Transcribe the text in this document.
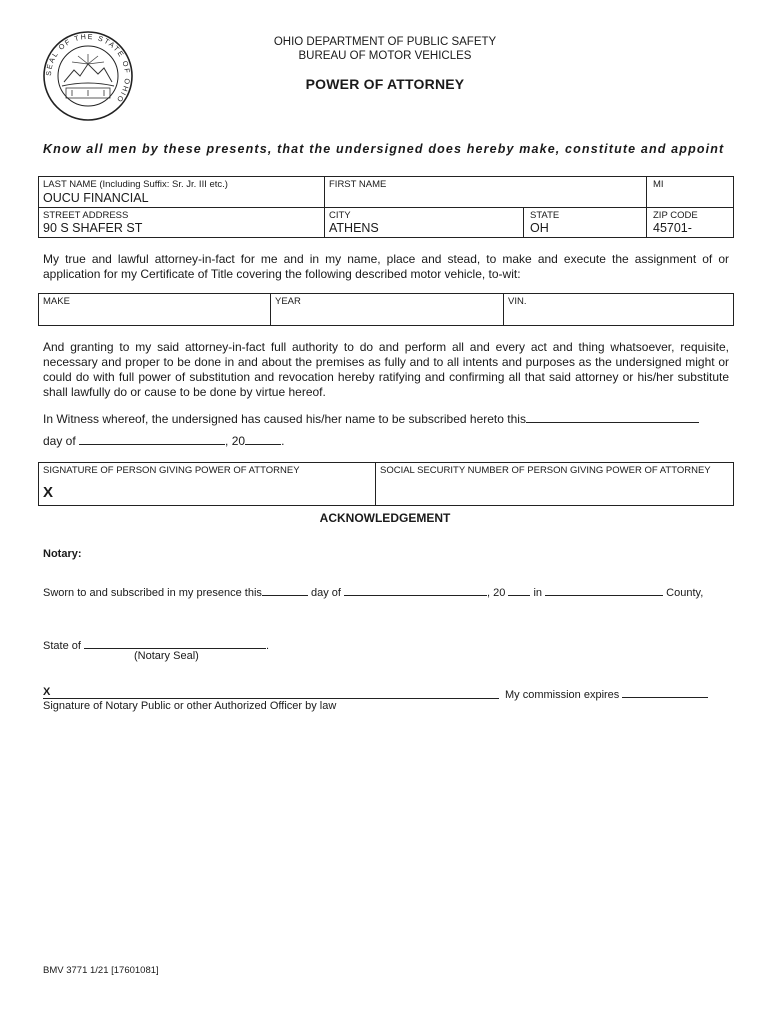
SEAL OF THE STATE OF OHIO
OHIO DEPARTMENT OF PUBLIC SAFETY
BUREAU OF MOTOR VEHICLES
POWER OF ATTORNEY
Know all men by these presents, that the undersigned does hereby make, constitute and appoint
LAST NAME (Including Suffix: Sr. Jr. III etc.)
OUCU FINANCIAL
FIRST NAME	MI
STREET ADDRESS
90 S SHAFER ST
CITY
ATHENS
STATE
OH
ZIP CODE
45701-
My true and lawful attorney-in-fact for me and in my name, place and stead, to make and execute the assignment of or application for my Certificate of Title covering the following described motor vehicle, to-wit:
MAKE	YEAR	VIN.
And granting to my said attorney-in-fact full authority to do and perform all and every act and thing whatsoever, requisite, necessary and proper to be done in and about the premises as fully and to all intents and purposes as the undersigned might or could do with full power of substitution and revocation hereby ratifying and confirming all that said attorney or his/her substitute shall lawfully do or cause to be done by virtue hereof.
In Witness whereof, the undersigned has caused his/her name to be subscribed hereto this
day of	, 20	.
SIGNATURE OF PERSON GIVING POWER OF ATTORNEY
X
SOCIAL SECURITY NUMBER OF PERSON GIVING POWER OF ATTORNEY
ACKNOWLEDGEMENT
Notary:
Sworn to and subscribed in my presence this	day of	, 20	in	County,
State of	.
(Notary Seal)
X	My commission expires
Signature of Notary Public or other Authorized Officer by law
BMV 3771 1/21 [17601081]
